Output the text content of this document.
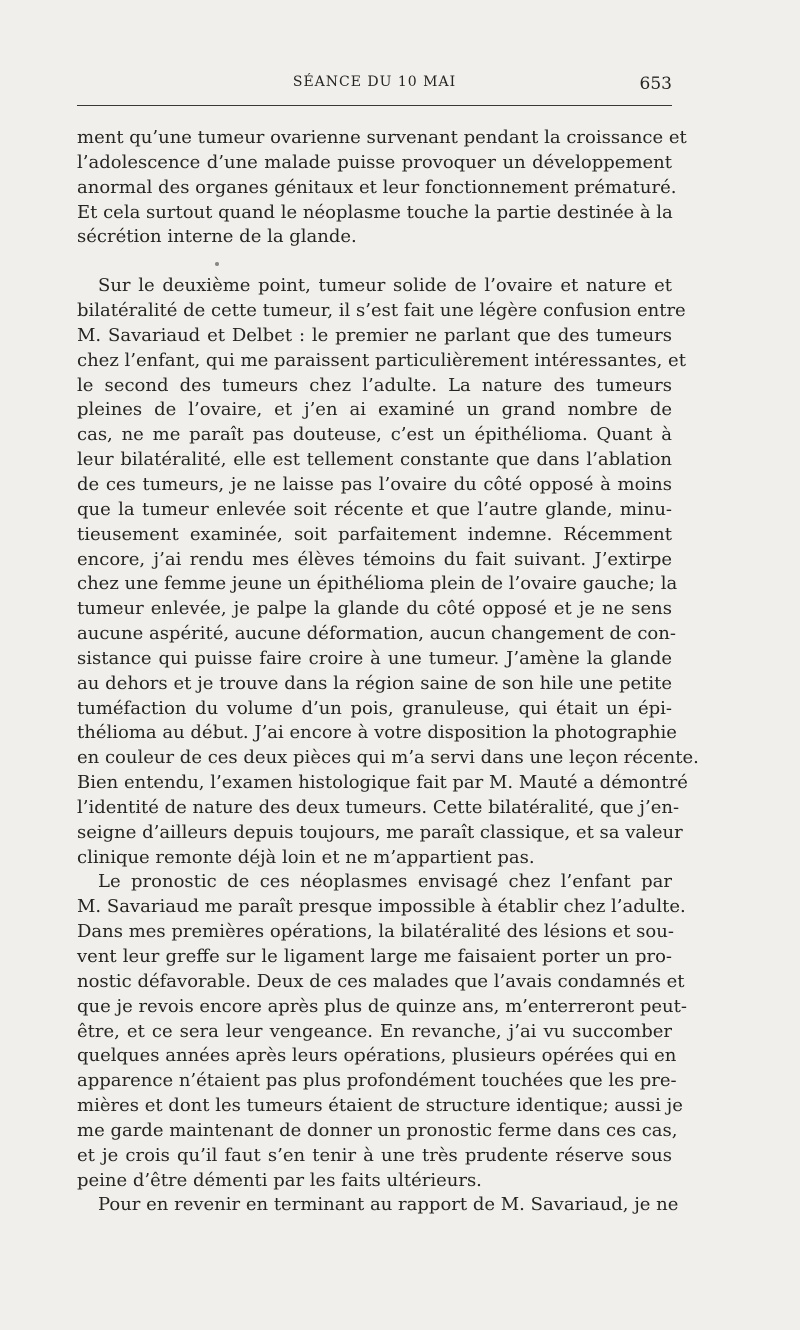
SÉANCE DU 10 MAI	653
ment qu’une tumeur ovarienne survenant pendant la croissance et
l’adolescence d’une malade puisse provoquer un développement
anormal des organes génitaux et leur fonctionnement prématuré.
Et cela surtout quand le néoplasme touche la partie destinée à la
sécrétion interne de la glande.
Sur le deuxième point, tumeur solide de l’ovaire et nature et
bilatéralité de cette tumeur, il s’est fait une légère confusion entre
M. Savariaud et Delbet : le premier ne parlant que des tumeurs
chez l’enfant, qui me paraissent particulièrement intéressantes, et
le second des tumeurs chez l’adulte. La nature des tumeurs
pleines de l’ovaire, et j’en ai examiné un grand nombre de
cas, ne me paraît pas douteuse, c’est un épithélioma. Quant à
leur bilatéralité, elle est tellement constante que dans l’ablation
de ces tumeurs, je ne laisse pas l’ovaire du côté opposé à moins
que la tumeur enlevée soit récente et que l’autre glande, minu-
tieusement examinée, soit parfaitement indemne. Récemment
encore, j’ai rendu mes élèves témoins du fait suivant. J’extirpe
chez une femme jeune un épithélioma plein de l’ovaire gauche; la
tumeur enlevée, je palpe la glande du côté opposé et je ne sens
aucune aspérité, aucune déformation, aucun changement de con-
sistance qui puisse faire croire à une tumeur. J’amène la glande
au dehors et je trouve dans la région saine de son hile une petite
tuméfaction du volume d’un pois, granuleuse, qui était un épi-
thélioma au début. J’ai encore à votre disposition la photographie
en couleur de ces deux pièces qui m’a servi dans une leçon récente.
Bien entendu, l’examen histologique fait par M. Mauté a démontré
l’identité de nature des deux tumeurs. Cette bilatéralité, que j’en-
seigne d’ailleurs depuis toujours, me paraît classique, et sa valeur
clinique remonte déjà loin et ne m’appartient pas.
Le pronostic de ces néoplasmes envisagé chez l’enfant par
M. Savariaud me paraît presque impossible à établir chez l’adulte.
Dans mes premières opérations, la bilatéralité des lésions et sou-
vent leur greffe sur le ligament large me faisaient porter un pro-
nostic défavorable. Deux de ces malades que l’avais condamnés et
que je revois encore après plus de quinze ans, m’enterreront peut-
être, et ce sera leur vengeance. En revanche, j’ai vu succomber
quelques années après leurs opérations, plusieurs opérées qui en
apparence n’étaient pas plus profondément touchées que les pre-
mières et dont les tumeurs étaient de structure identique; aussi je
me garde maintenant de donner un pronostic ferme dans ces cas,
et je crois qu’il faut s’en tenir à une très prudente réserve sous
peine d’être démenti par les faits ultérieurs.
Pour en revenir en terminant au rapport de M. Savariaud, je ne
